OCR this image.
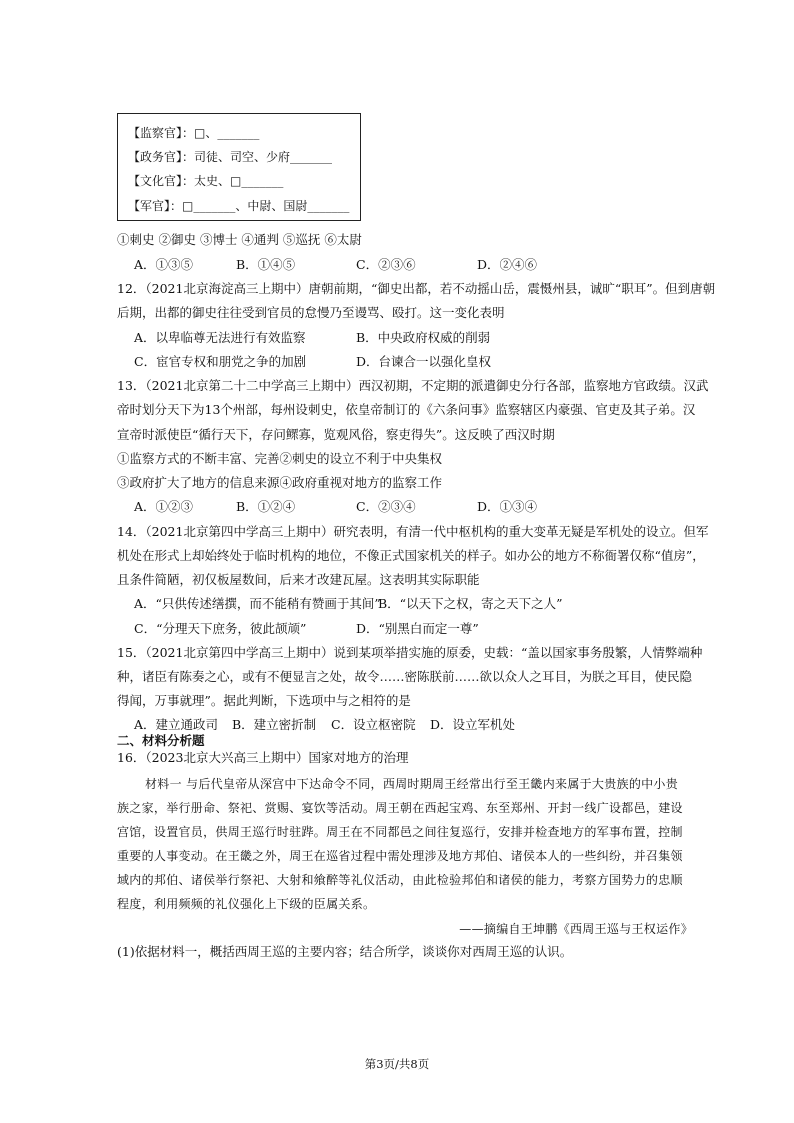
【监察官】：□、_______
【政务官】：司徒、司空、少府_______
【文化官】：太史、□_______
【军官】：□_______、中尉、国尉_______
①刺史 ②御史 ③博士 ④通判 ⑤巡抚 ⑥太尉
A．①③⑤	B．①④⑤	C．②③⑥	D．②④⑥
12．（2021北京海淀高三上期中）唐朝前期，“御史出都，若不动摇山岳，震慑州县，诚旷“职耳”。但到唐朝
后期，出都的御史往往受到官员的怠慢乃至谩骂、殴打。这一变化表明
A．以卑临尊无法进行有效监察	B．中央政府权威的削弱
C．宦官专权和朋党之争的加剧	D．台谏合一以强化皇权
13．（2021北京第二十二中学高三上期中）西汉初期，不定期的派遣御史分行各部，监察地方官政绩。汉武
帝时划分天下为13个州部，每州设刺史，依皇帝制订的《六条问事》监察辖区内豪强、官吏及其子弟。汉
宣帝时派使臣“循行天下，存问鳏寡，览观风俗，察吏得失”。这反映了西汉时期
①监察方式的不断丰富、完善②刺史的设立不利于中央集权
③政府扩大了地方的信息来源④政府重视对地方的监察工作
A．①②③	B．①②④	C．②③④	D．①③④
14．（2021北京第四中学高三上期中）研究表明，有清一代中枢机构的重大变革无疑是军机处的设立。但军
机处在形式上却始终处于临时机构的地位，不像正式国家机关的样子。如办公的地方不称衙署仅称“值房”，
且条件简陋，初仅板屋数间，后来才改建瓦屋。这表明其实际职能
A．“只供传述缮撰，而不能稍有赞画于其间”
B．“以天下之权，寄之天下之人”
C．“分理天下庶务，彼此颉颃”	D．“别黑白而定一尊”
15．（2021北京第四中学高三上期中）说到某项举措实施的原委，史载：“盖以国家事务殷繁，人情弊端种
种，诸臣有陈奏之心，或有不便显言之处，故令……密陈朕前……欲以众人之耳目，为朕之耳目，使民隐
得闻，万事就理”。据此判断，下选项中与之相符的是
A．建立通政司 B．建立密折制 C．设立枢密院 D．设立军机处
二、材料分析题
16．（2023北京大兴高三上期中）国家对地方的治理
材料一 与后代皇帝从深宫中下达命令不同，西周时期周王经常出行至王畿内来属于大贵族的中小贵
族之家，举行册命、祭祀、赏赐、宴饮等活动。周王朝在西起宝鸡、东至郑州、开封一线广设都邑，建设
宫馆，设置官员，供周王巡行时驻跸。周王在不同都邑之间往复巡行，安排并检查地方的军事布置，控制
重要的人事变动。在王畿之外，周王在巡省过程中需处理涉及地方邦伯、诸侯本人的一些纠纷，并召集领
域内的邦伯、诸侯举行祭祀、大射和飨醉等礼仪活动，由此检验邦伯和诸侯的能力，考察方国势力的忠顺
程度，利用频频的礼仪强化上下级的臣属关系。
——摘编自王坤鹏《西周王巡与王权运作》
(1)依据材料一，概括西周王巡的主要内容；结合所学，谈谈你对西周王巡的认识。
第3页/共8页
